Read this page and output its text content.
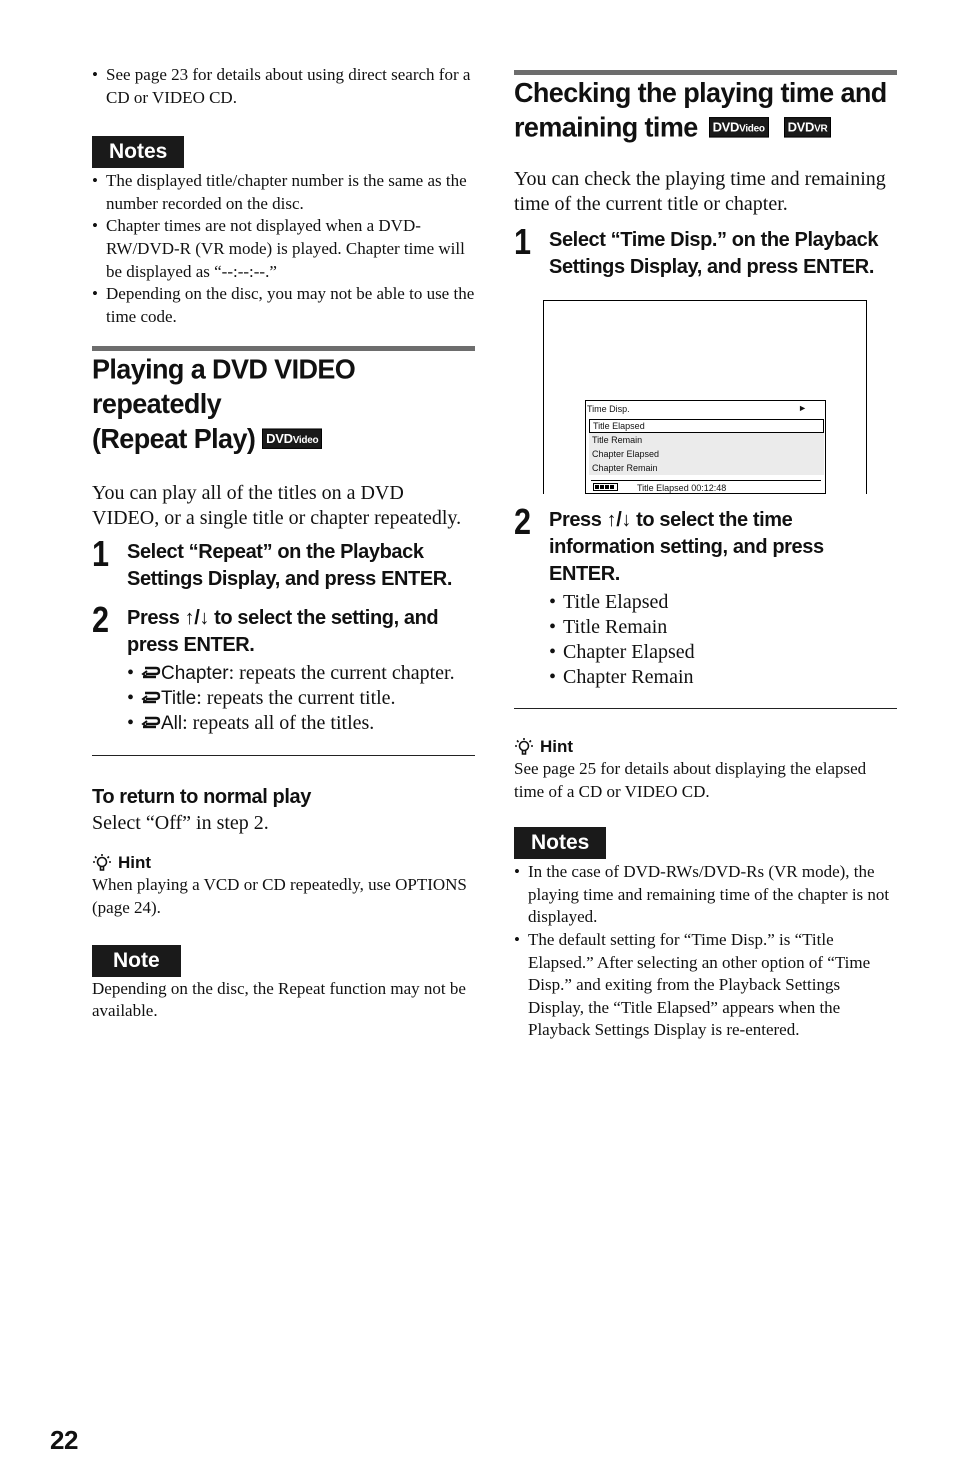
• See page 23 for details about using direct search for a CD or VIDEO CD.
Notes
• The displayed title/chapter number is the same as the number recorded on the disc.
• Chapter times are not displayed when a DVD-RW/DVD-R (VR mode) is played. Chapter time will be displayed as “--:--:--.”
• Depending on the disc, you may not be able to use the time code.
Playing a DVD VIDEO repeatedly
(Repeat Play) DVDVideo

You can play all of the titles on a DVD VIDEO, or a single title or chapter repeatedly.

1 Select “Repeat” on the Playback Settings Display, and press ENTER.
2 Press ↑/↓ to select the setting, and press ENTER.
• Chapter: repeats the current chapter.
• Title: repeats the current title.
• All: repeats all of the titles.
To return to normal play
Select “Off” in step 2.
Hint
When playing a VCD or CD repeatedly, use OPTIONS (page 24).
Note
Depending on the disc, the Repeat function may not be available.
Checking the playing time and
remaining time DVDVideo DVDVR

You can check the playing time and remaining time of the current title or chapter.

1 Select “Time Disp.” on the Playback Settings Display, and press ENTER.
Time Disp.	►
Title Elapsed
Title Remain
Chapter Elapsed
Chapter Remain
Title Elapsed 00:12:48
2 Press ↑/↓ to select the time information setting, and press ENTER.
• Title Elapsed
• Title Remain
• Chapter Elapsed
• Chapter Remain
Hint
See page 25 for details about displaying the elapsed time of a CD or VIDEO CD.
Notes
• In the case of DVD-RWs/DVD-Rs (VR mode), the playing time and remaining time of the chapter is not displayed.
• The default setting for “Time Disp.” is “Title Elapsed.” After selecting an other option of “Time Disp.” and exiting from the Playback Settings Display, the “Title Elapsed” appears when the Playback Settings Display is re-entered.
22
